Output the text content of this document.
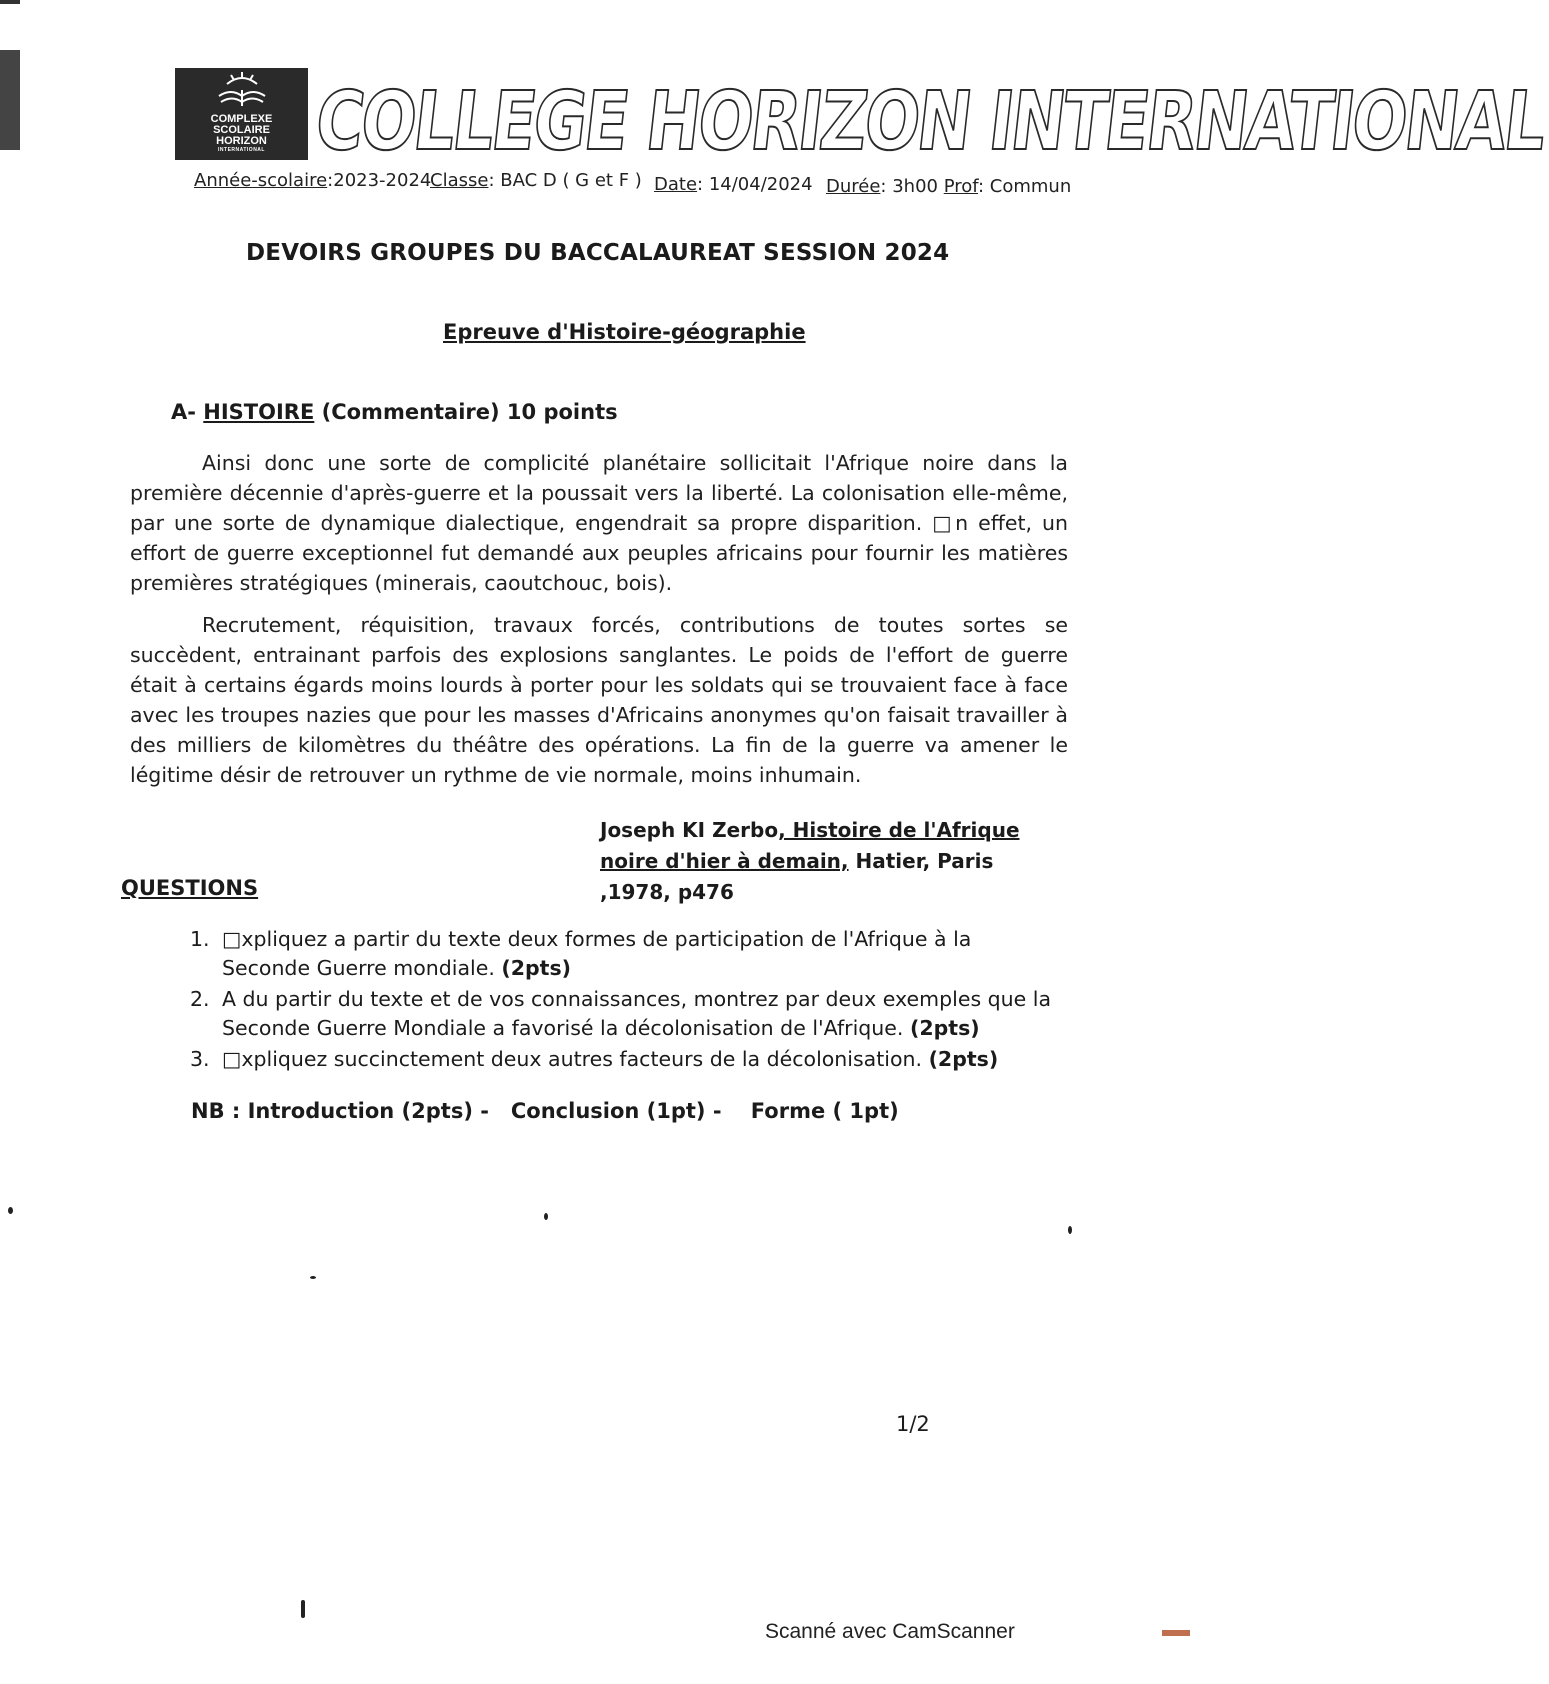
COMPLEXE
SCOLAIRE
HORIZON
INTERNATIONAL COLLEGE HORIZON INTERNATIONAL
Année-scolaire:2023-2024
Classe: BAC D ( G et F ) Date: 14/04/2024 Durée: 3h00 Prof: Commun
DEVOIRS GROUPES DU BACCALAUREAT SESSION 2024
Epreuve d'Histoire-géographie
A- HISTOIRE (Commentaire) 10 points
Ainsi donc une sorte de complicité planétaire sollicitait l'Afrique noire dans la première décennie d'après-guerre et la poussait vers la liberté. La colonisation elle-même, par une sorte de dynamique dialectique, engendrait sa propre disparition. □n effet, un effort de guerre exceptionnel fut demandé aux peuples africains pour fournir les matières premières stratégiques (minerais, caoutchouc, bois).
Recrutement, réquisition, travaux forcés, contributions de toutes sortes se succèdent, entrainant parfois des explosions sanglantes. Le poids de l'effort de guerre était à certains égards moins lourds à porter pour les soldats qui se trouvaient face à face avec les troupes nazies que pour les masses d'Africains anonymes qu'on faisait travailler à des milliers de kilomètres du théâtre des opérations. La fin de la guerre va amener le légitime désir de retrouver un rythme de vie normale, moins inhumain.
Joseph KI Zerbo, Histoire de l'Afrique noire d'hier à demain, Hatier, Paris ,1978, p476
QUESTIONS
1. □xpliquez a partir du texte deux formes de participation de l'Afrique à la Seconde Guerre mondiale. (2pts)
2. A du partir du texte et de vos connaissances, montrez par deux exemples que la Seconde Guerre Mondiale a favorisé la décolonisation de l'Afrique. (2pts)
3. □xpliquez succinctement deux autres facteurs de la décolonisation. (2pts)
NB : Introduction (2pts) -   Conclusion (1pt) -    Forme ( 1pt)
1/2
Scanné avec CamScanner
